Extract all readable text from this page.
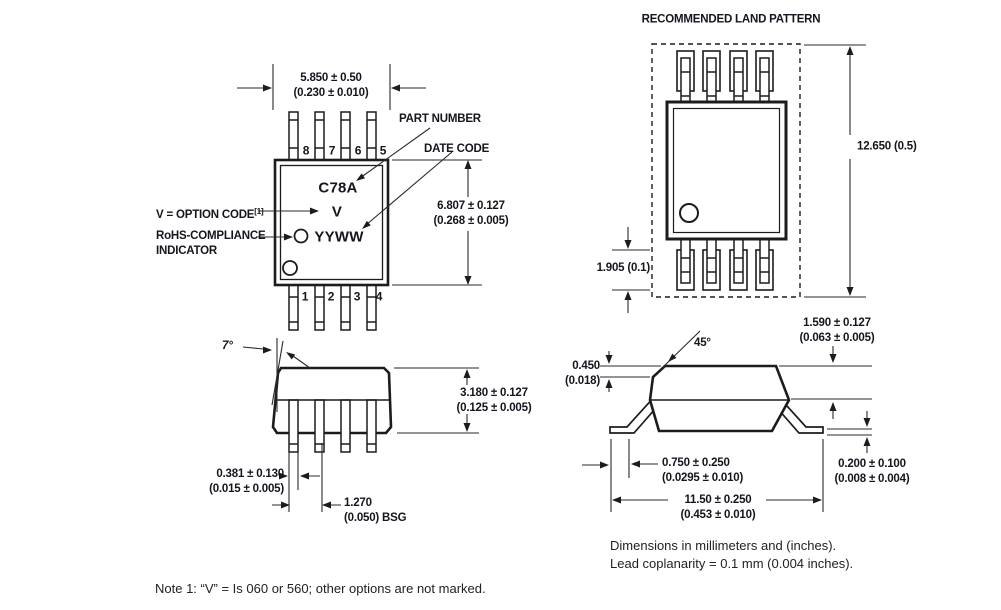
5.850 ± 0.50
(0.230 ± 0.010)
PART NUMBER
DATE CODE
V = OPTION CODE[1]
RoHS-COMPLIANCE
INDICATOR
6.807 ± 0.127
(0.268 ± 0.005)
8 7 6 5
1 2 3 4
C78A
V
YYWW
7°
3.180 ± 0.127
(0.125 ± 0.005)
0.381 ± 0.130
(0.015 ± 0.005)
1.270
(0.050) BSG
RECOMMENDED LAND PATTERN
12.650 (0.5)
1.905 (0.1)
45°
1.590 ± 0.127
(0.063 ± 0.005)
0.450
(0.018)
0.200 ± 0.100
(0.008 ± 0.004)
0.750 ± 0.250
(0.0295 ± 0.010)
11.50 ± 0.250
(0.453 ± 0.010)
Dimensions in millimeters and (inches).
Lead coplanarity = 0.1 mm (0.004 inches).
Note 1: “V” = Is 060 or 560; other options are not marked.
